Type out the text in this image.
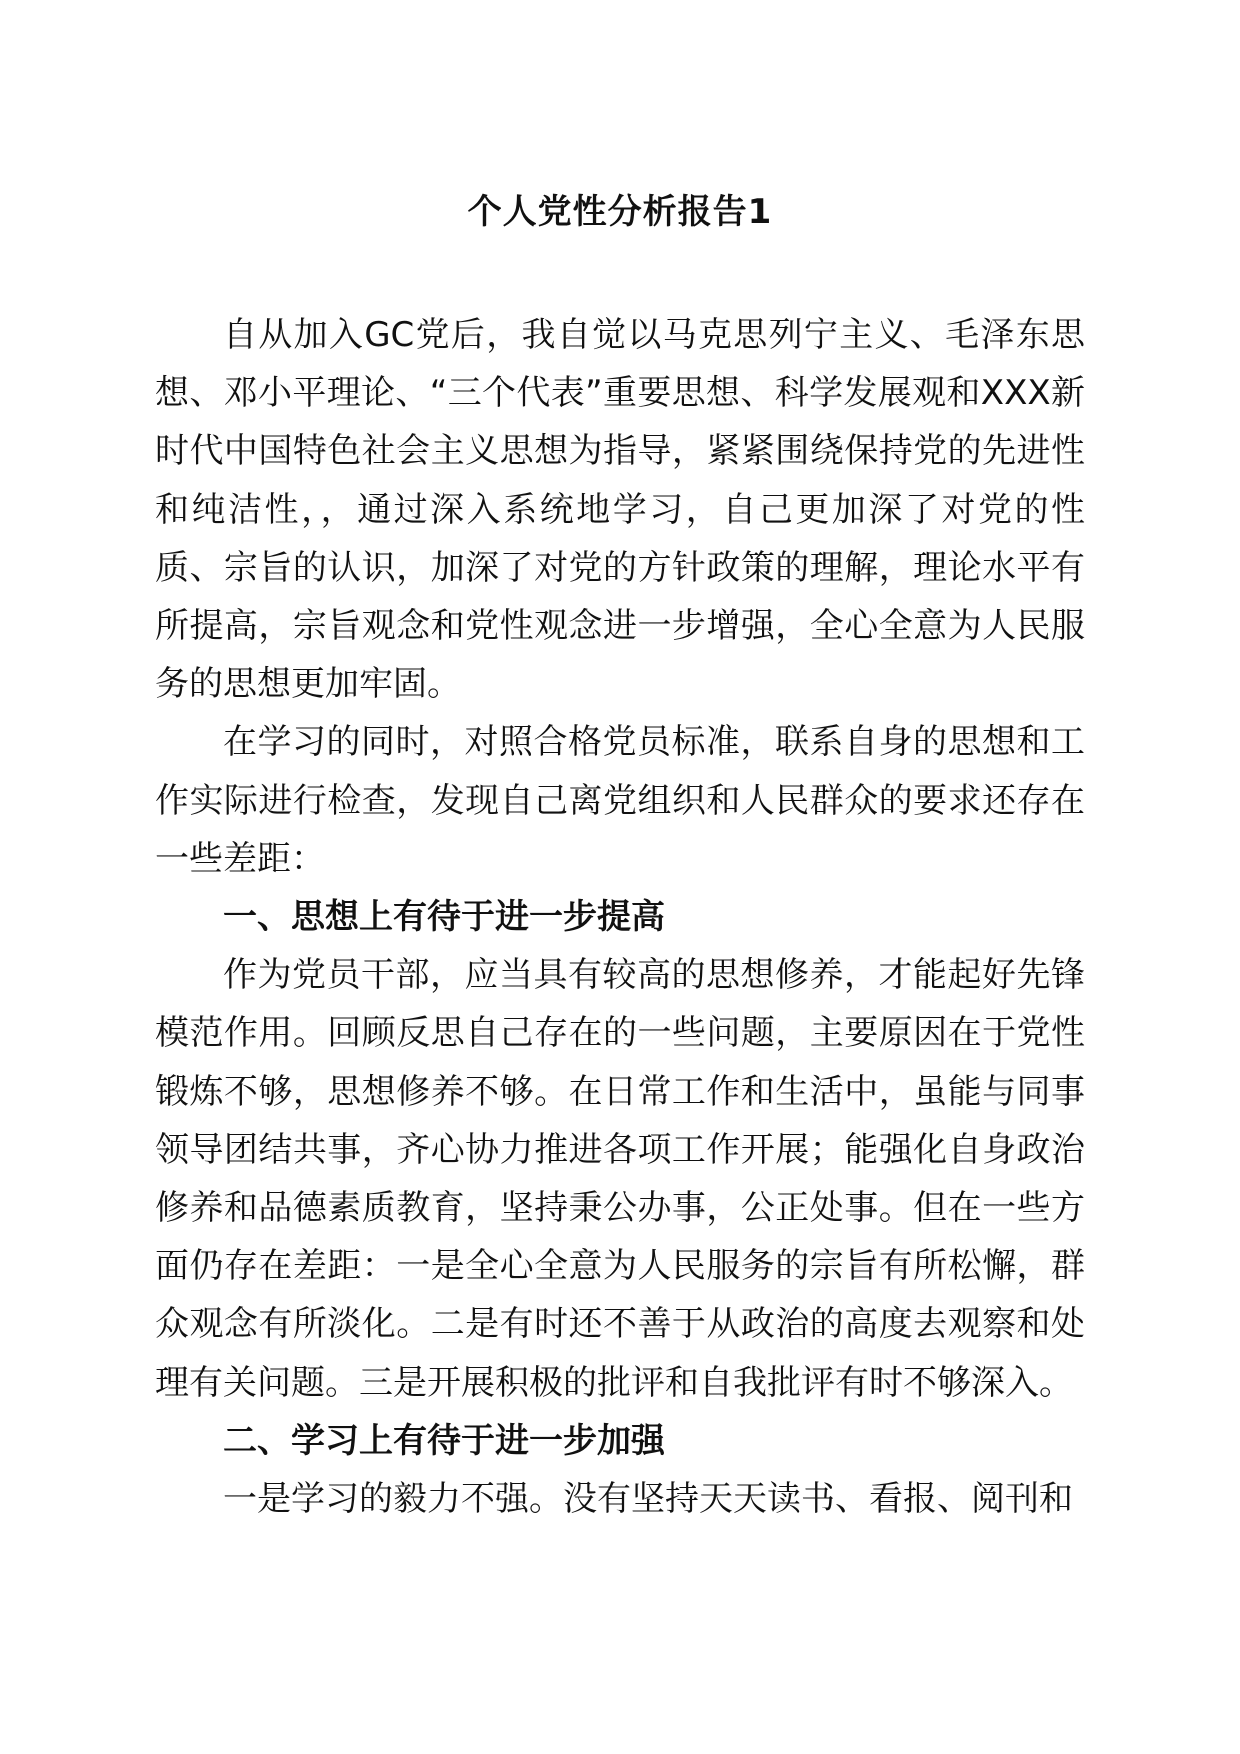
个人党性分析报告1

自从加入GC党后，我自觉以马克思列宁主义、毛泽东思想、邓小平理论、“三个代表”重要思想、科学发展观和XXX新时代中国特色社会主义思想为指导，紧紧围绕保持党的先进性和纯洁性，，通过深入系统地学习，自己更加深了对党的性质、宗旨的认识，加深了对党的方针政策的理解，理论水平有所提高，宗旨观念和党性观念进一步增强，全心全意为人民服务的思想更加牢固。

在学习的同时，对照合格党员标准，联系自身的思想和工作实际进行检查，发现自己离党组织和人民群众的要求还存在一些差距：

一、思想上有待于进一步提高

作为党员干部，应当具有较高的思想修养，才能起好先锋模范作用。回顾反思自己存在的一些问题，主要原因在于党性锻炼不够，思想修养不够。在日常工作和生活中，虽能与同事领导团结共事，齐心协力推进各项工作开展；能强化自身政治修养和品德素质教育，坚持秉公办事，公正处事。但在一些方面仍存在差距：一是全心全意为人民服务的宗旨有所松懈，群众观念有所淡化。二是有时还不善于从政治的高度去观察和处理有关问题。三是开展积极的批评和自我批评有时不够深入。

二、学习上有待于进一步加强

一是学习的毅力不强。没有坚持天天读书、看报、阅刊和
